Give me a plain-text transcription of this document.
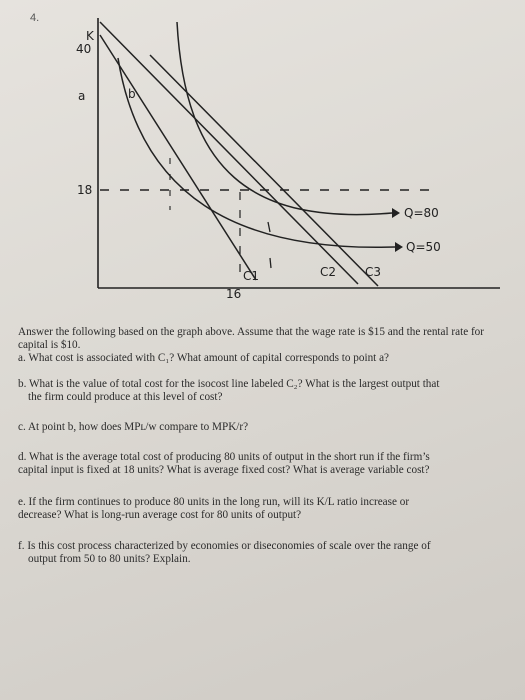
4.
K
40
a	b
18
16
C1	C2 C3
Q=80
Q=50

Answer the following based on the graph above. Assume that the wage rate is $15 and the rental rate for capital is $10.

a. What cost is associated with C₁? What amount of capital corresponds to point a?

b. What is the value of total cost for the isocost line labeled C₂? What is the largest output that
the firm could produce at this level of cost?

c. At point b, how does MPʟ/w compare to MPK/r?

d. What is the average total cost of producing 80 units of output in the short run if the firm’s
capital input is fixed at 18 units? What is average fixed cost? What is average variable cost?

e. If the firm continues to produce 80 units in the long run, will its K/L ratio increase or
decrease? What is long-run average cost for 80 units of output?

f. Is this cost process characterized by economies or diseconomies of scale over the range of
output from 50 to 80 units? Explain.
